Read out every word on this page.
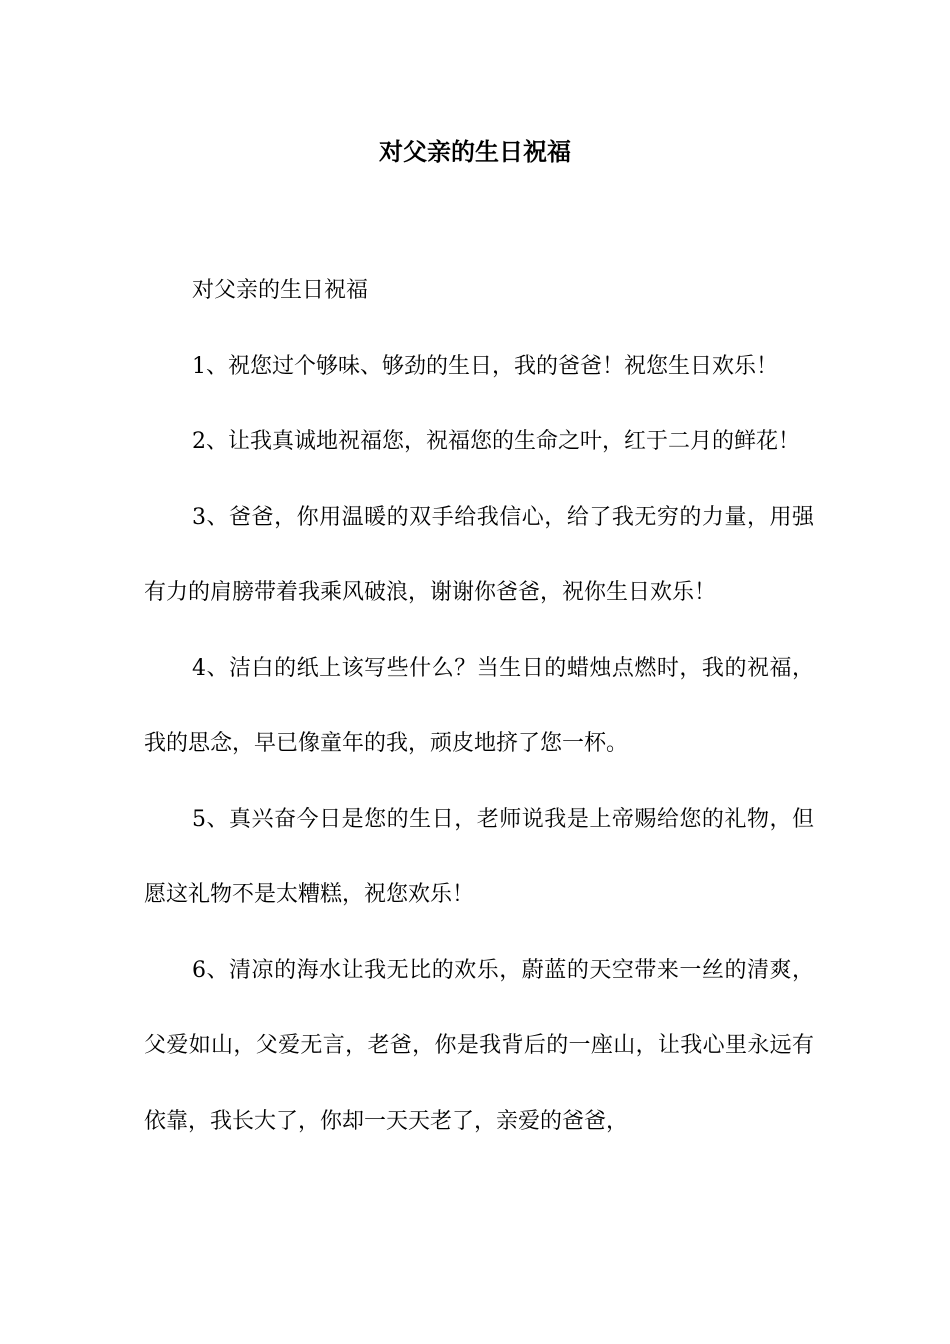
对父亲的生日祝福

对父亲的生日祝福

1、祝您过个够味、够劲的生日，我的爸爸！祝您生日欢乐！

2、让我真诚地祝福您，祝福您的生命之叶，红于二月的鲜花！

3、爸爸，你用温暖的双手给我信心，给了我无穷的力量，用强有力的肩膀带着我乘风破浪，谢谢你爸爸，祝你生日欢乐！

4、洁白的纸上该写些什么？当生日的蜡烛点燃时，我的祝福，我的思念，早已像童年的我，顽皮地挤了您一杯。

5、真兴奋今日是您的生日，老师说我是上帝赐给您的礼物，但愿这礼物不是太糟糕，祝您欢乐！

6、清凉的海水让我无比的欢乐，蔚蓝的天空带来一丝的清爽，父爱如山，父爱无言，老爸，你是我背后的一座山，让我心里永远有依靠，我长大了，你却一天天老了，亲爱的爸爸，
